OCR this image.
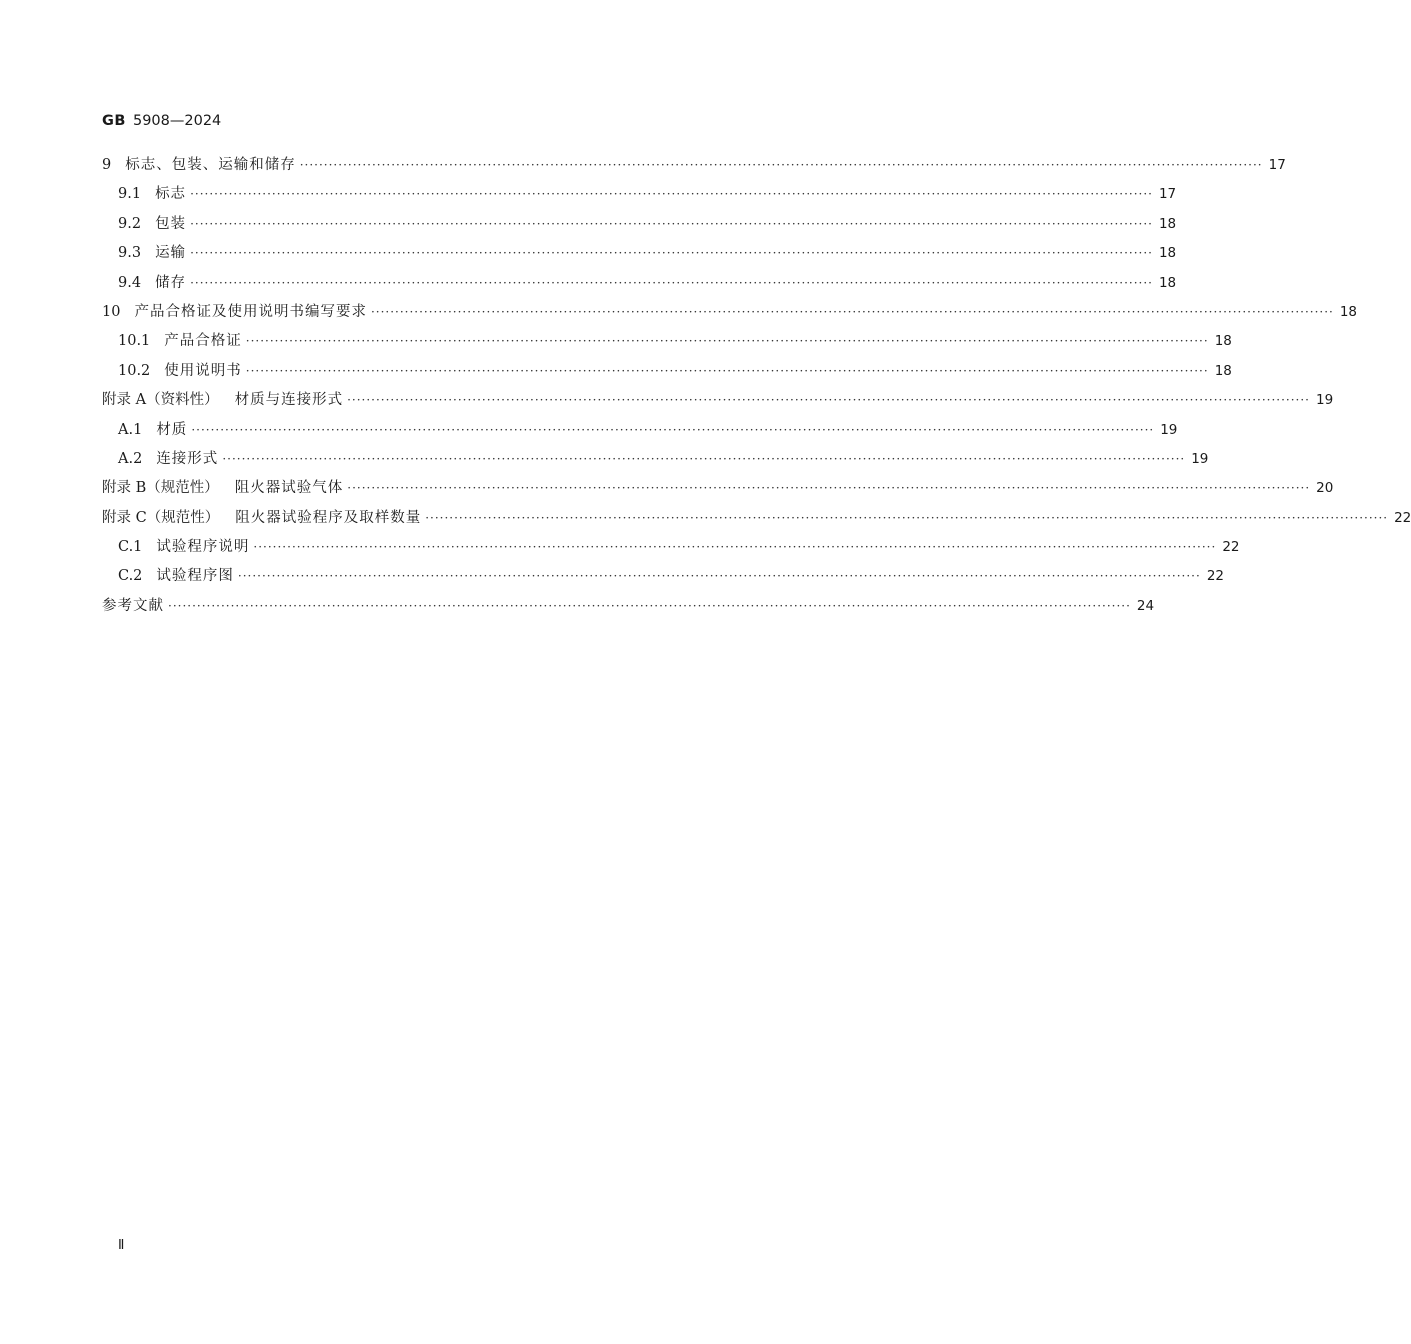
GB 5908—2024
9 标志、包装、运输和储存 ········································································································································································································ 17
9.1 标志 ········································································································································································································ 17
9.2 包装 ········································································································································································································ 18
9.3 运输 ········································································································································································································ 18
9.4 储存 ········································································································································································································ 18
10 产品合格证及使用说明书编写要求 ········································································································································································································ 18
10.1 产品合格证 ········································································································································································································ 18
10.2 使用说明书 ········································································································································································································ 18
附录 A（资料性） 材质与连接形式 ········································································································································································································ 19
A.1 材质 ········································································································································································································ 19
A.2 连接形式 ········································································································································································································ 19
附录 B（规范性） 阻火器试验气体 ········································································································································································································ 20
附录 C（规范性） 阻火器试验程序及取样数量 ········································································································································································································ 22
C.1 试验程序说明 ········································································································································································································ 22
C.2 试验程序图 ········································································································································································································ 22
参考文献 ········································································································································································································ 24
Ⅱ
